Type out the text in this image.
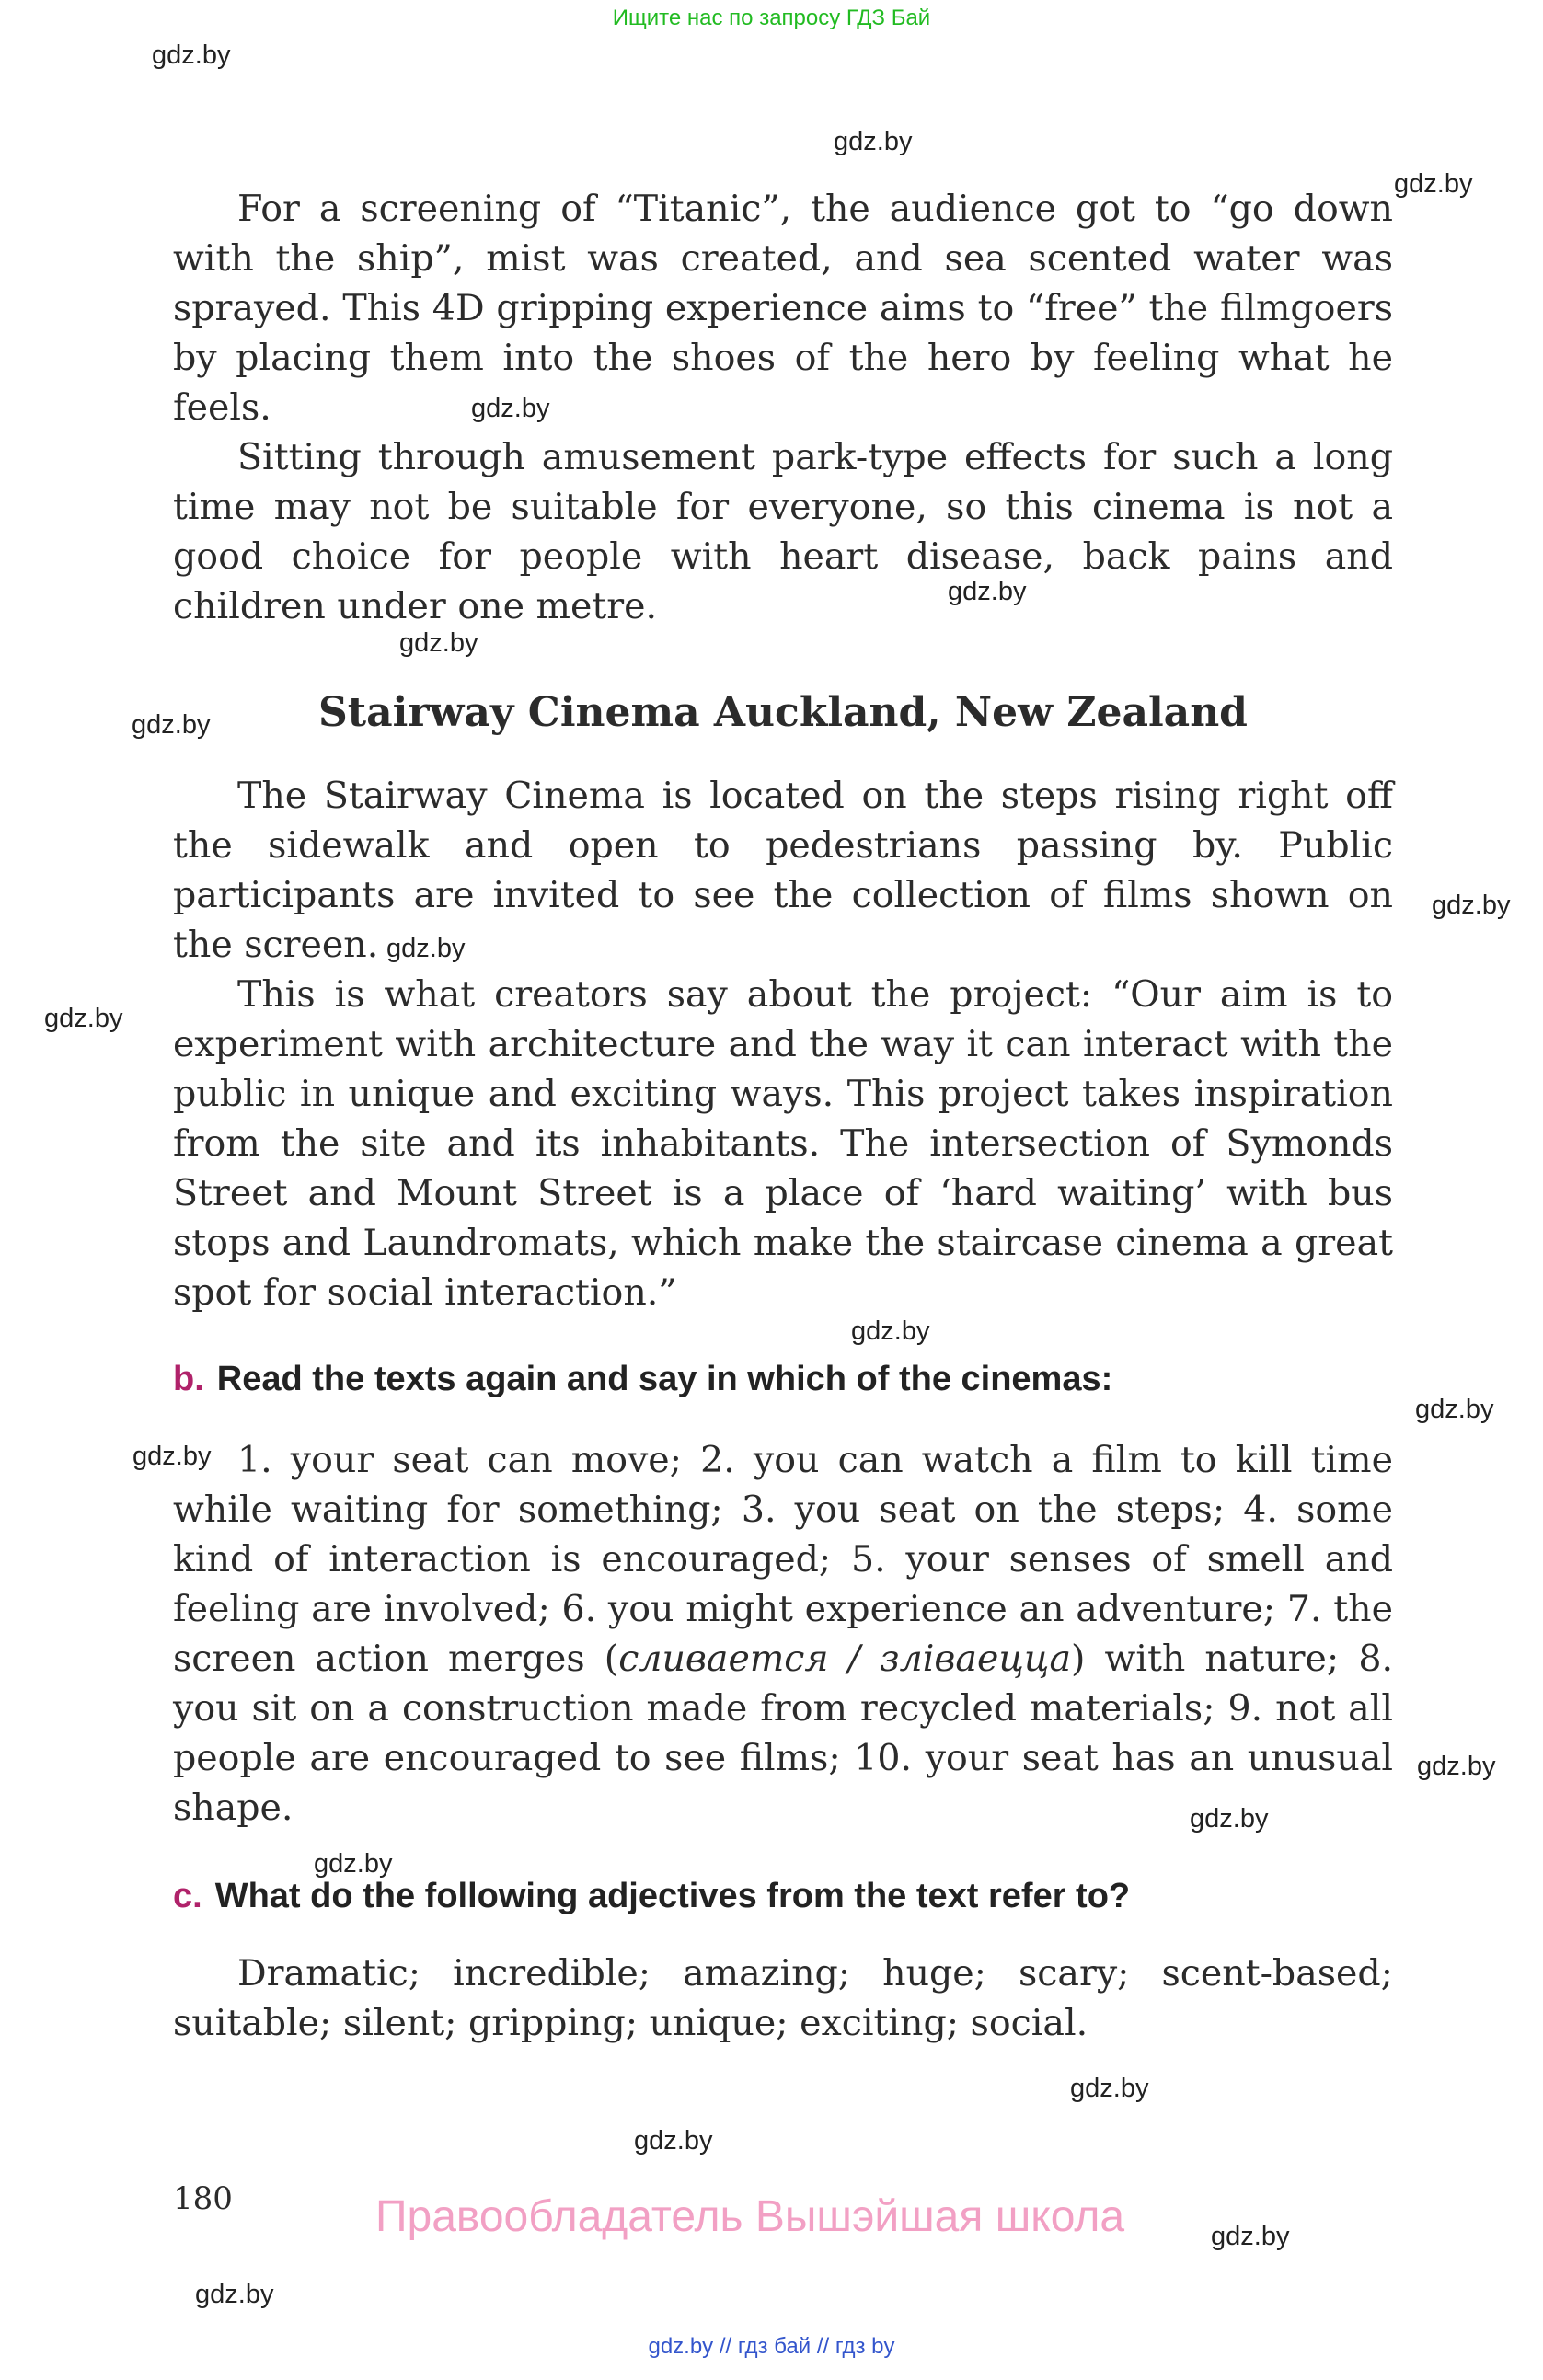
Ищите нас по запросу ГДЗ Бай
gdz.by
gdz.by
gdz.by
gdz.by
gdz.by
gdz.by
gdz.by
gdz.by
gdz.by
gdz.by
gdz.by
gdz.by
gdz.by
gdz.by
gdz.by
gdz.by
gdz.by
gdz.by
gdz.by
gdz.by

For a screening of “Titanic”, the audience got to “go down with the ship”, mist was created, and sea scented water was sprayed. This 4D gripping experience aims to “free” the filmgoers by placing them into the shoes of the hero by feeling what he feels.

Sitting through amusement park-type effects for such a long time may not be suitable for everyone, so this cinema is not a good choice for people with heart disease, back pains and children under one metre.

Stairway Cinema Auckland, New Zealand

The Stairway Cinema is located on the steps rising right off the sidewalk and open to pedestrians passing by. Public participants are invited to see the collection of films shown on the screen.

This is what creators say about the project: “Our aim is to experiment with architecture and the way it can interact with the public in unique and exciting ways. This project takes inspiration from the site and its inhabitants. The intersection of Symonds Street and Mount Street is a place of ‘hard waiting’ with bus stops and Laundromats, which make the staircase cinema a great spot for social interaction.”

b. Read the texts again and say in which of the cinemas:

1. your seat can move; 2. you can watch a film to kill time while waiting for something; 3. you seat on the steps; 4. some kind of interaction is encouraged; 5. your senses of smell and feeling are involved; 6. you might experience an adventure; 7. the screen action merges (сливается / зліваецца) with nature; 8. you sit on a construction made from recycled materials; 9. not all people are encouraged to see films; 10. your seat has an unusual shape.

c. What do the following adjectives from the text refer to?

Dramatic; incredible; amazing; huge; scary; scent-based; suitable; silent; gripping; unique; exciting; social.

180	Правообладатель Вышэйшая школа
gdz.by // гдз бай // гдз by
